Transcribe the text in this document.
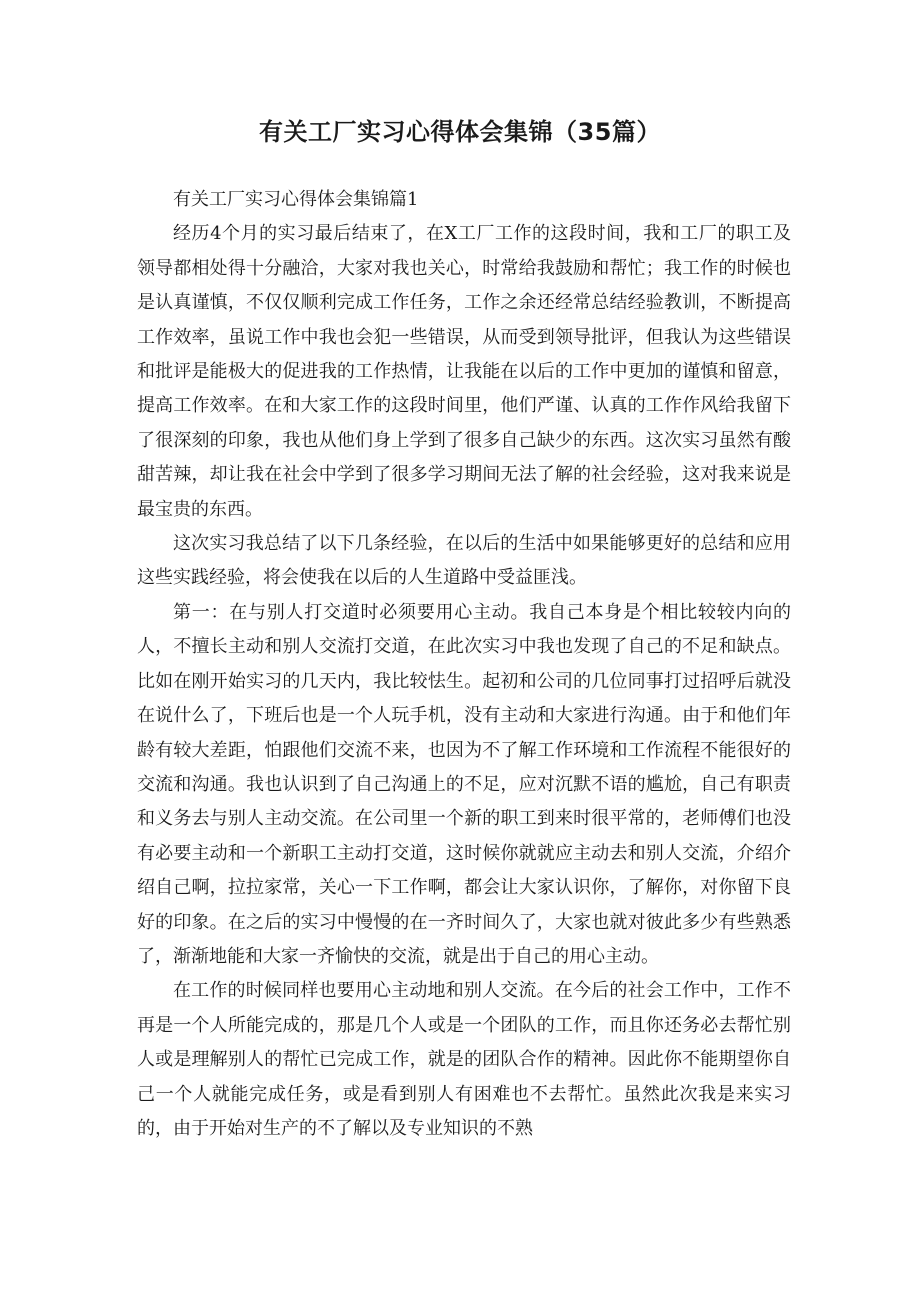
有关工厂实习心得体会集锦（35篇）
有关工厂实习心得体会集锦篇1

经历4个月的实习最后结束了，在X工厂工作的这段时间，我和工厂的职工及领导都相处得十分融洽，大家对我也关心，时常给我鼓励和帮忙；我工作的时候也是认真谨慎，不仅仅顺利完成工作任务，工作之余还经常总结经验教训，不断提高工作效率，虽说工作中我也会犯一些错误，从而受到领导批评，但我认为这些错误和批评是能极大的促进我的工作热情，让我能在以后的工作中更加的谨慎和留意，提高工作效率。在和大家工作的这段时间里，他们严谨、认真的工作作风给我留下了很深刻的印象，我也从他们身上学到了很多自己缺少的东西。这次实习虽然有酸甜苦辣，却让我在社会中学到了很多学习期间无法了解的社会经验，这对我来说是最宝贵的东西。

这次实习我总结了以下几条经验，在以后的生活中如果能够更好的总结和应用这些实践经验，将会使我在以后的人生道路中受益匪浅。

第一：在与别人打交道时必须要用心主动。我自己本身是个相比较较内向的人，不擅长主动和别人交流打交道，在此次实习中我也发现了自己的不足和缺点。比如在刚开始实习的几天内，我比较怯生。起初和公司的几位同事打过招呼后就没在说什么了，下班后也是一个人玩手机，没有主动和大家进行沟通。由于和他们年龄有较大差距，怕跟他们交流不来，也因为不了解工作环境和工作流程不能很好的交流和沟通。我也认识到了自己沟通上的不足，应对沉默不语的尴尬，自己有职责和义务去与别人主动交流。在公司里一个新的职工到来时很平常的，老师傅们也没有必要主动和一个新职工主动打交道，这时候你就就应主动去和别人交流，介绍介绍自己啊，拉拉家常，关心一下工作啊，都会让大家认识你，了解你，对你留下良好的印象。在之后的实习中慢慢的在一齐时间久了，大家也就对彼此多少有些熟悉了，渐渐地能和大家一齐愉快的交流，就是出于自己的用心主动。

在工作的时候同样也要用心主动地和别人交流。在今后的社会工作中，工作不再是一个人所能完成的，那是几个人或是一个团队的工作，而且你还务必去帮忙别人或是理解别人的帮忙已完成工作，就是的团队合作的精神。因此你不能期望你自己一个人就能完成任务，或是看到别人有困难也不去帮忙。虽然此次我是来实习的，由于开始对生产的不了解以及专业知识的不熟
